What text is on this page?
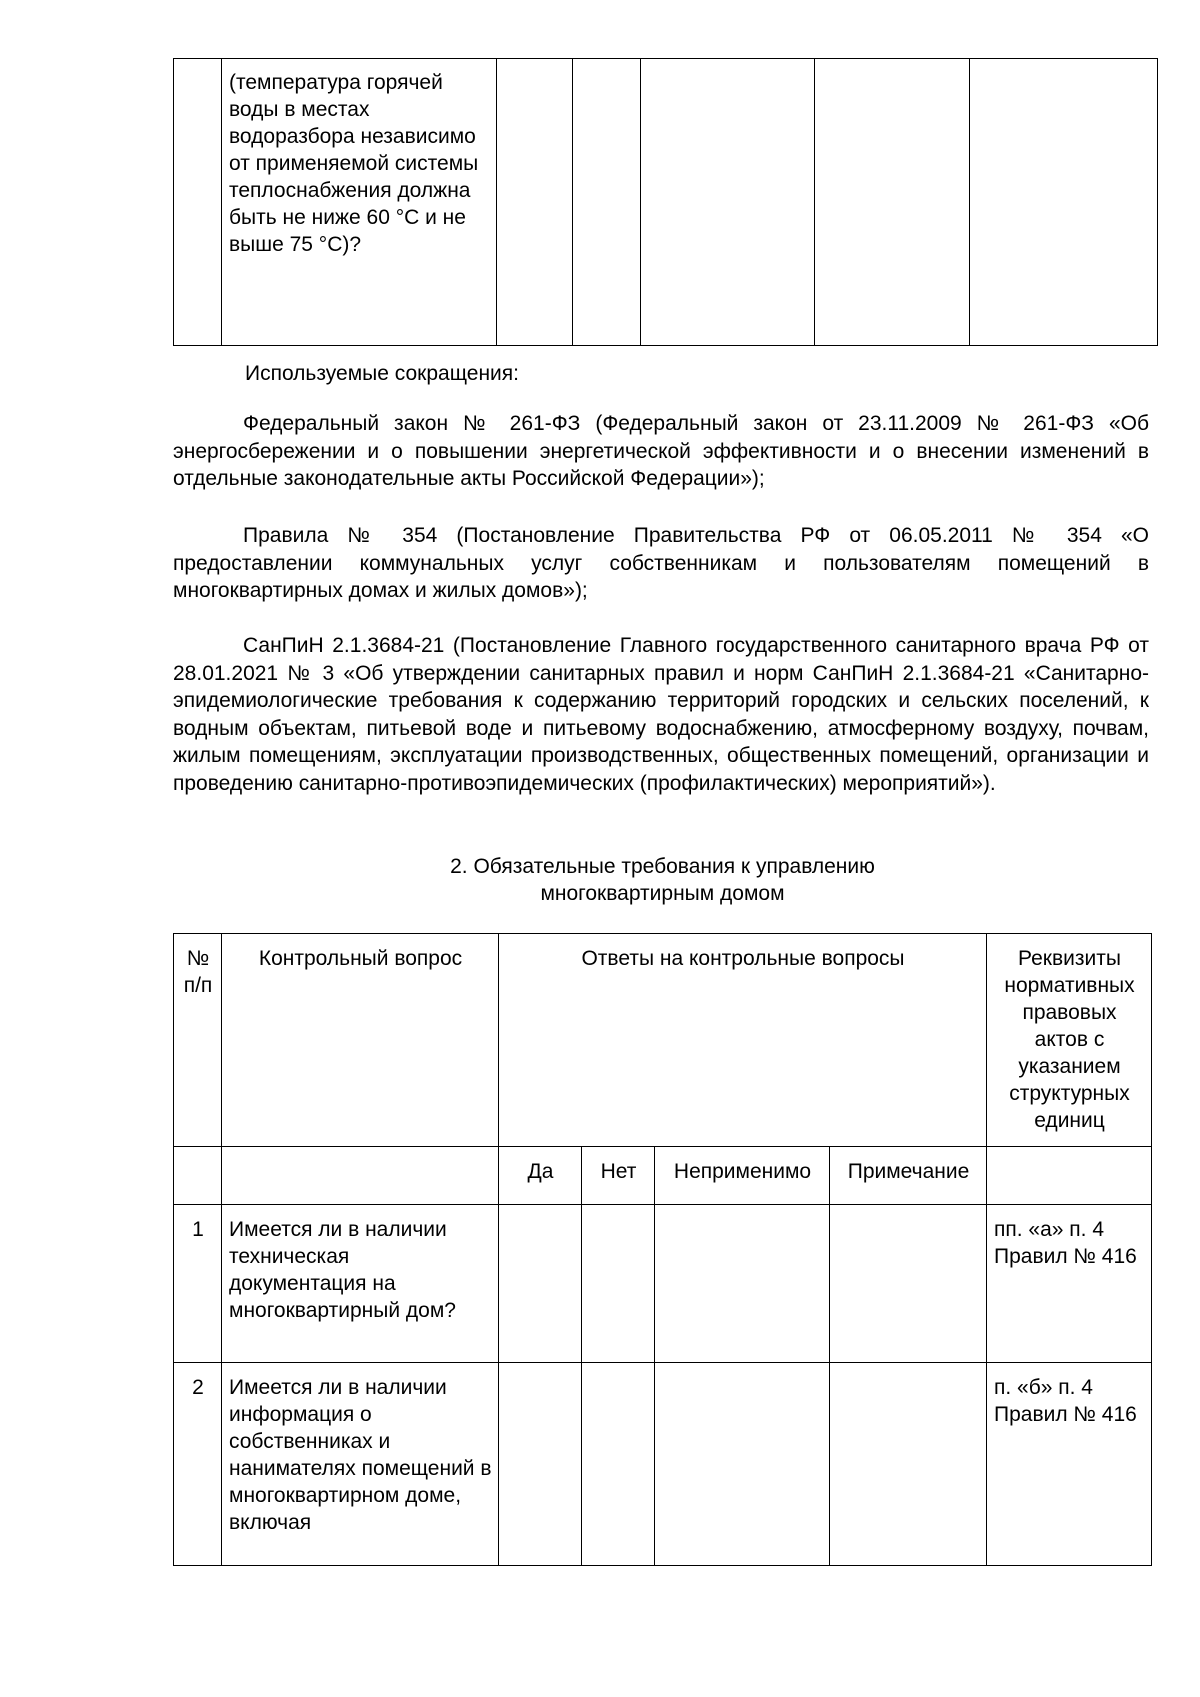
	(температура горячей воды в местах водоразбора независимо от применяемой системы теплоснабжения должна быть не ниже 60 °С и не выше 75 °С)?					
Используемые сокращения:
Федеральный закон № 261-ФЗ (Федеральный закон от 23.11.2009 № 261-ФЗ «Об энергосбережении и о повышении энергетической эффективности и о внесении изменений в отдельные законодательные акты Российской Федерации»);
Правила № 354 (Постановление Правительства РФ от 06.05.2011 № 354 «О предоставлении коммунальных услуг собственникам и пользователям помещений в многоквартирных домах и жилых домов»);
СанПиН 2.1.3684-21 (Постановление Главного государственного санитарного врача РФ от 28.01.2021 № 3 «Об утверждении санитарных правил и норм СанПиН 2.1.3684-21 «Санитарно-эпидемиологические требования к содержанию территорий городских и сельских поселений, к водным объектам, питьевой воде и питьевому водоснабжению, атмосферному воздуху, почвам, жилым помещениям, эксплуатации производственных, общественных помещений, организации и проведению санитарно-противоэпидемических (профилактических) мероприятий»).
2. Обязательные требования к управлению
многоквартирным домом
№ п/п	Контрольный вопрос	Ответы на контрольные вопросы				Реквизиты нормативных правовых актов с указанием структурных единиц
		Да	Нет	Неприменимо	Примечание	
1	Имеется ли в наличии техническая документация на многоквартирный дом?					пп. «а» п. 4 Правил № 416
2	Имеется ли в наличии информация о собственниках и нанимателях помещений в многоквартирном доме, включая					п. «б» п. 4 Правил № 416
